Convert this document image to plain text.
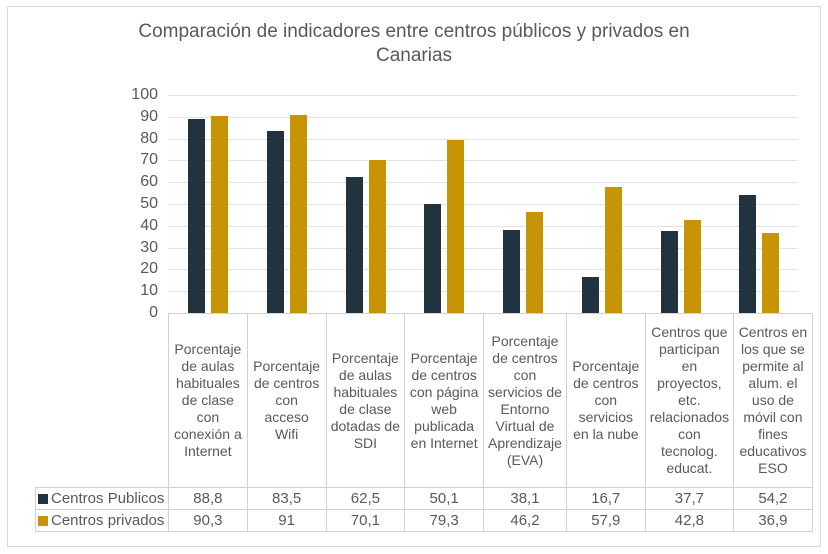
Comparación de indicadores entre centros públicos y privados en Canarias
0
10
20
30
40
50
60
70
80
90
100
	Porcentaje de aulas habituales de clase con conexión a Internet	Porcentaje de centros con acceso Wifi	Porcentaje de aulas habituales de clase dotadas de SDI	Porcentaje de centros con página web publicada en Internet	Porcentaje de centros con servicios de Entorno Virtual de Aprendizaje (EVA)	Porcentaje de centros con servicios en la nube	Centros que participan en proyectos, etc. relacionados con tecnolog. educat.	Centros en los que se permite al alum. el uso de móvil con fines educativos ESO
Centros Publicos	88,8	83,5	62,5	50,1	38,1	16,7	37,7	54,2
Centros privados	90,3	91	70,1	79,3	46,2	57,9	42,8	36,9
